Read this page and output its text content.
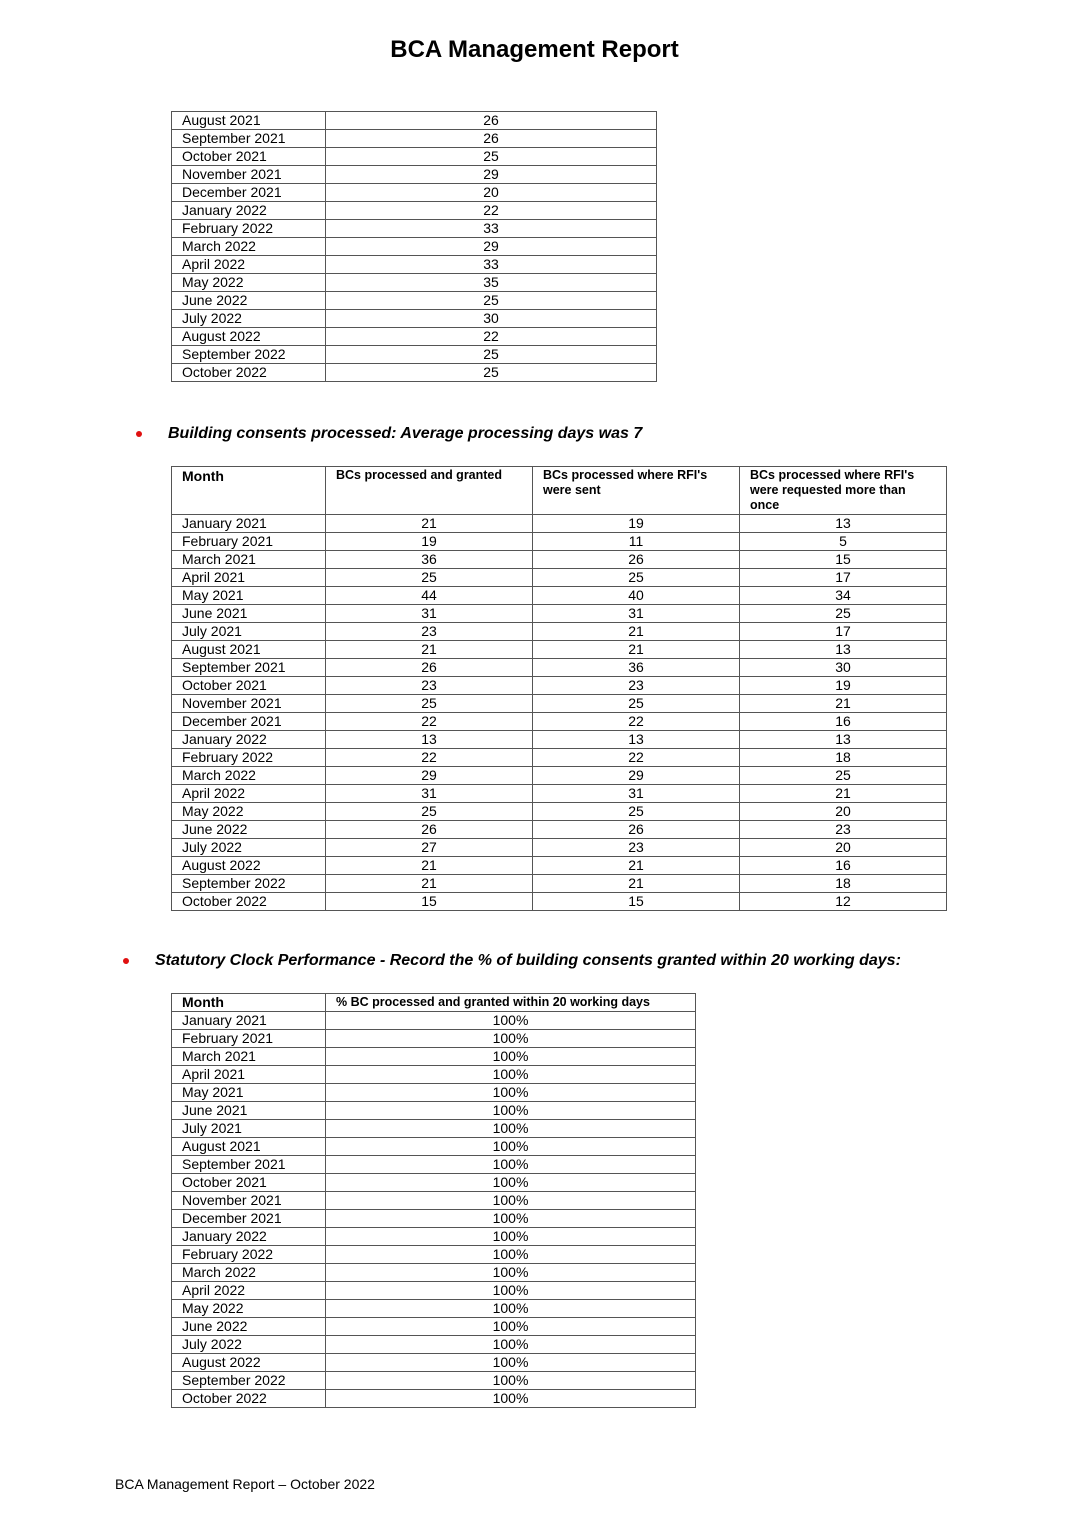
BCA Management Report
August 2021	26
September 2021	26
October 2021	25
November 2021	29
December 2021	20
January 2022	22
February 2022	33
March 2022	29
April 2022	33
May 2022	35
June 2022	25
July 2022	30
August 2022	22
September 2022	25
October 2022	25
Building consents processed: Average processing days was 7
Month	BCs processed and granted	BCs processed where RFI's were sent	BCs processed where RFI's were requested more than once
January 2021	21	19	13
February 2021	19	11	5
March 2021	36	26	15
April 2021	25	25	17
May 2021	44	40	34
June 2021	31	31	25
July 2021	23	21	17
August 2021	21	21	13
September 2021	26	36	30
October 2021	23	23	19
November 2021	25	25	21
December 2021	22	22	16
January 2022	13	13	13
February 2022	22	22	18
March 2022	29	29	25
April 2022	31	31	21
May 2022	25	25	20
June 2022	26	26	23
July 2022	27	23	20
August 2022	21	21	16
September 2022	21	21	18
October 2022	15	15	12
Statutory Clock Performance - Record the % of building consents granted within 20 working days:
Month	% BC processed and granted within 20 working days
January 2021	100%
February 2021	100%
March 2021	100%
April 2021	100%
May 2021	100%
June 2021	100%
July 2021	100%
August 2021	100%
September 2021	100%
October 2021	100%
November 2021	100%
December 2021	100%
January 2022	100%
February 2022	100%
March 2022	100%
April 2022	100%
May 2022	100%
June 2022	100%
July 2022	100%
August 2022	100%
September 2022	100%
October 2022	100%
BCA Management Report – October 2022
